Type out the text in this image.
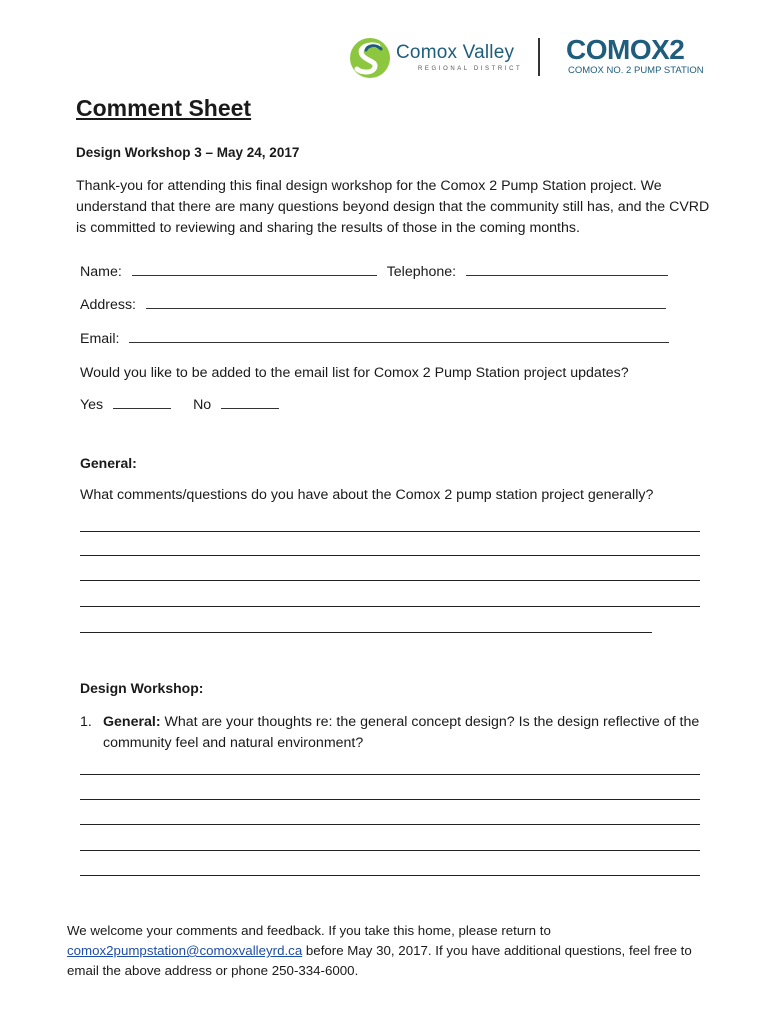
Comox Valley
REGIONAL DISTRICT
COMOX2
COMOX NO. 2 PUMP STATION
Comment Sheet
Design Workshop 3 – May 24, 2017
Thank-you for attending this final design workshop for the Comox 2 Pump Station project. We understand that there are many questions beyond design that the community still has, and the CVRD is committed to reviewing and sharing the results of those in the coming months.
Name:	Telephone:
Address:
Email:
Would you like to be added to the email list for Comox 2 Pump Station project updates?
Yes	No
General:
What comments/questions do you have about the Comox 2 pump station project generally?
Design Workshop:
1. General: What are your thoughts re: the general concept design? Is the design reflective of the community feel and natural environment?
We welcome your comments and feedback. If you take this home, please return to
comox2pumpstation@comoxvalleyrd.ca before May 30, 2017. If you have additional questions, feel free to email the above address or phone 250-334-6000.
